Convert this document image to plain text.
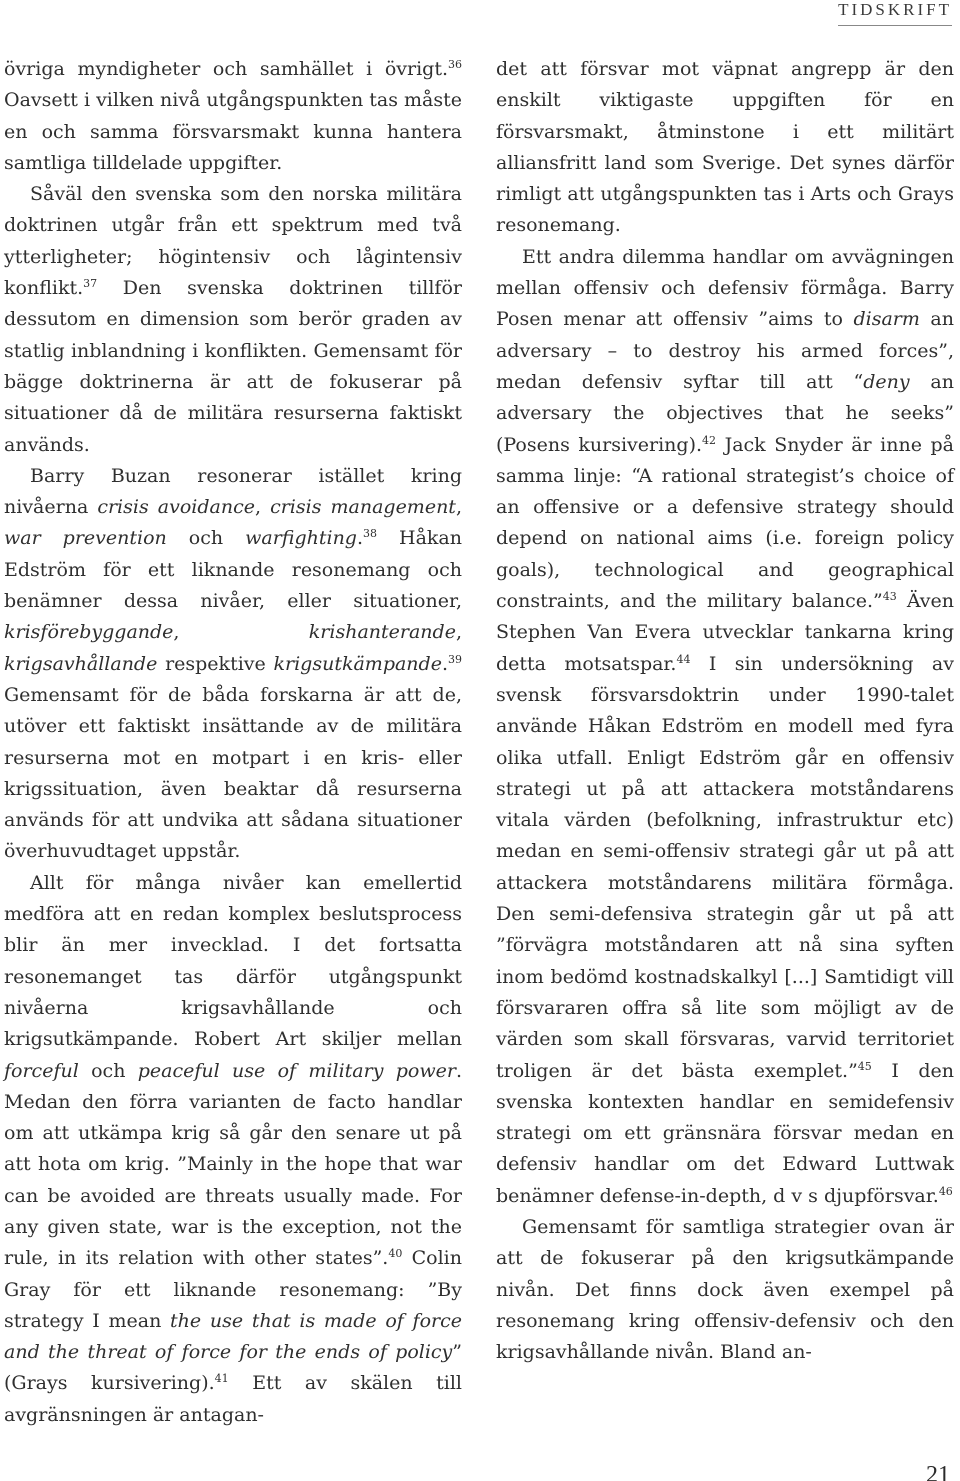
TIDSKRIFT

övriga myndigheter och samhället i övrigt.$^{36}$ Oavsett i vilken nivå utgångspunkten tas måste en och samma försvarsmakt kunna hantera samtliga tilldelade uppgifter.

Såväl den svenska som den norska militära doktrinen utgår från ett spektrum med två ytterligheter; högintensiv och lågintensiv konflikt.$^{37}$ Den svenska doktrinen tillför dessutom en dimension som berör graden av statlig inblandning i konflikten. Gemensamt för bägge doktrinerna är att de fokuserar på situationer då de militära resurserna faktiskt används.

Barry Buzan resonerar istället kring nivåerna crisis avoidance, crisis management, war prevention och warfighting.$^{38}$ Håkan Edström för ett liknande resonemang och benämner dessa nivåer, eller situationer, krisförebyggande, krishanterande, krigsavhållande respektive krigsutkämpande.$^{39}$ Gemensamt för de båda forskarna är att de, utöver ett faktiskt insättande av de militära resurserna mot en motpart i en kris- eller krigssituation, även beaktar då resurserna används för att undvika att sådana situationer överhuvudtaget uppstår.

Allt för många nivåer kan emellertid medföra att en redan komplex beslutsprocess blir än mer invecklad. I det fortsatta resonemanget tas därför utgångspunkt nivåerna krigsavhållande och krigsutkämpande. Robert Art skiljer mellan forceful och peaceful use of military power. Medan den förra varianten de facto handlar om att utkämpa krig så går den senare ut på att hota om krig. ”Mainly in the hope that war can be avoided are threats usually made. For any given state, war is the exception, not the rule, in its relation with other states”.$^{40}$ Colin Gray för ett liknande resonemang: ”By strategy I mean the use that is made of force and the threat of force for the ends of policy” (Grays kursivering).$^{41}$ Ett av skälen till avgränsningen är antagan-

det att försvar mot väpnat angrepp är den enskilt viktigaste uppgiften för en försvarsmakt, åtminstone i ett militärt alliansfritt land som Sverige. Det synes därför rimligt att utgångspunkten tas i Arts och Grays resonemang.

Ett andra dilemma handlar om avvägningen mellan offensiv och defensiv förmåga. Barry Posen menar att offensiv ”aims to disarm an adversary – to destroy his armed forces”, medan defensiv syftar till att “deny an adversary the objectives that he seeks” (Posens kursivering).$^{42}$ Jack Snyder är inne på samma linje: “A rational strategist’s choice of an offensive or a defensive strategy should depend on national aims (i.e. foreign policy goals), technological and geographical constraints, and the military balance.”$^{43}$ Även Stephen Van Evera utvecklar tankarna kring detta motsatspar.$^{44}$ I sin undersökning av svensk försvarsdoktrin under 1990-talet använde Håkan Edström en modell med fyra olika utfall. Enligt Edström går en offensiv strategi ut på att attackera motståndarens vitala värden (befolkning, infrastruktur etc) medan en semi-offensiv strategi går ut på att attackera motståndarens militära förmåga. Den semi-defensiva strategin går ut på att ”förvägra motståndaren att nå sina syften inom bedömd kostnadskalkyl [...] Samtidigt vill försvararen offra så lite som möjligt av de värden som skall försvaras, varvid territoriet troligen är det bästa exemplet.”$^{45}$ I den svenska kontexten handlar en semidefensiv strategi om ett gränsnära försvar medan en defensiv handlar om det Edward Luttwak benämner defense-in-depth, d v s djupförsvar.$^{46}$

Gemensamt för samtliga strategier ovan är att de fokuserar på den krigsutkämpande nivån. Det finns dock även exempel på resonemang kring offensiv-defensiv och den krigsavhållande nivån. Bland an-

21
